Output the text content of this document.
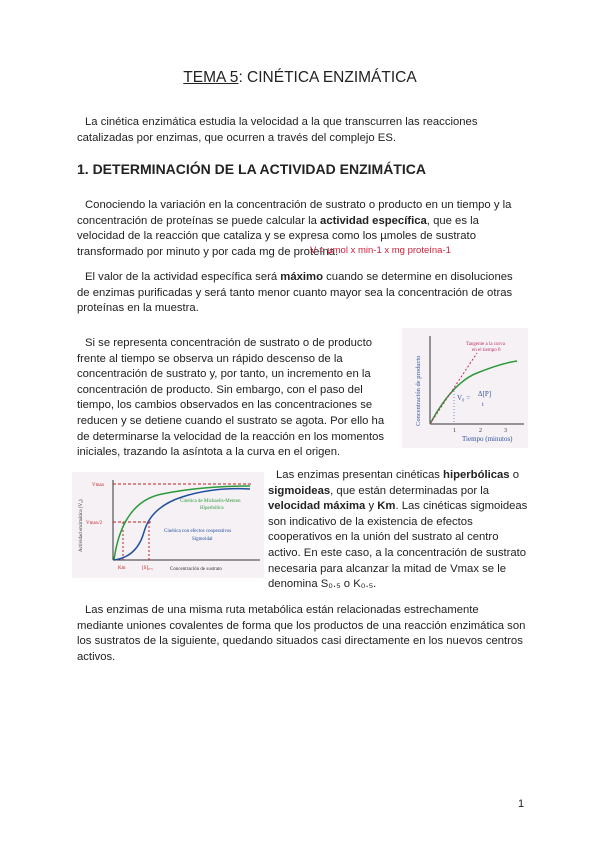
TEMA 5: CINÉTICA ENZIMÁTICA

La cinética enzimática estudia la velocidad a la que transcurren las reacciones catalizadas por enzimas, que ocurren a través del complejo ES.

1. DETERMINACIÓN DE LA ACTIVIDAD ENZIMÁTICA

Conociendo la variación en la concentración de sustrato o producto en un tiempo y la concentración de proteínas se puede calcular la actividad específica, que es la velocidad de la reacción que cataliza y se expresa como los µmoles de sustrato transformado por minuto y por cada mg de proteína.

V = µmol x min-1 x mg proteína-1

El valor de la actividad específica será máximo cuando se determine en disoluciones de enzimas purificadas y será tanto menor cuanto mayor sea la concentración de otras proteínas en la muestra.

Si se representa concentración de sustrato o de producto frente al tiempo se observa un rápido descenso de la concentración de sustrato y, por tanto, un incremento en la concentración de producto. Sin embargo, con el paso del tiempo, los cambios observados en las concentraciones se reducen y se detiene cuando el sustrato se agota. Por ello ha de determinarse la velocidad de la reacción en los momentos iniciales, trazando la asíntota a la curva en el origen.

Tangente a la curva
en el tiempo 0
V₀ = Δ[P]
t
1	2	3
Tiempo (minutos)
Concentración de producto
Vmax
Vmax/2
Km	[S]₀.₅	Concentración de sustrato
Cinética de Michaelis-Menten
Hiperbólica
Cinética con efectos cooperativos
Sigmoidal
Actividad enzimática (V₀)

Las enzimas presentan cinéticas hiperbólicas o sigmoideas, que están determinadas por la velocidad máxima y Km. Las cinéticas sigmoideas son indicativo de la existencia de efectos cooperativos en la unión del sustrato al centro activo. En este caso, a la concentración de sustrato necesaria para alcanzar la mitad de Vmax se le denomina S₀.₅ o K₀.₅.

Las enzimas de una misma ruta metabólica están relacionadas estrechamente mediante uniones covalentes de forma que los productos de una reacción enzimática son los sustratos de la siguiente, quedando situados casi directamente en los nuevos centros activos.

1
